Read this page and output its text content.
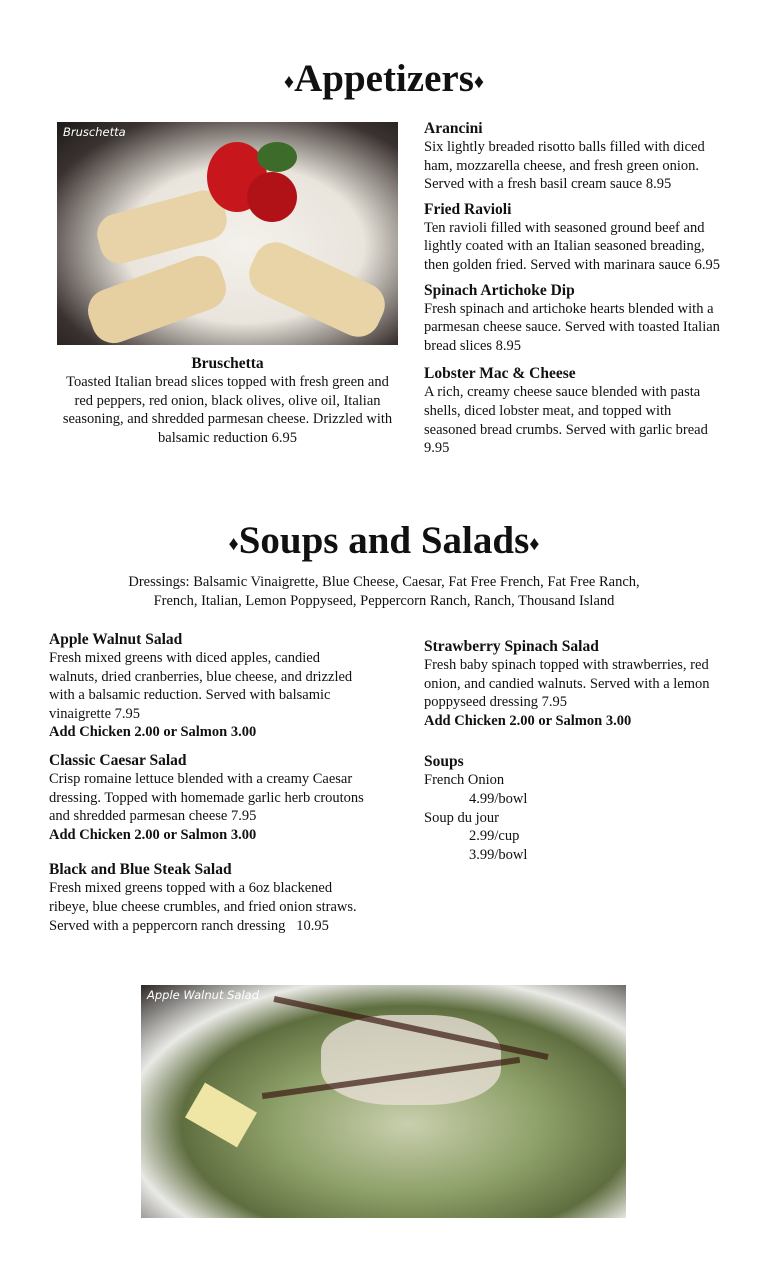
♦Appetizers♦
Bruschetta
Bruschetta
Toasted Italian bread slices topped with fresh green and red peppers, red onion, black olives, olive oil, Italian seasoning, and shredded parmesan cheese. Drizzled with balsamic reduction 6.95
Arancini
Six lightly breaded risotto balls filled with diced ham, mozzarella cheese, and fresh green onion. Served with a fresh basil cream sauce 8.95
Fried Ravioli
Ten ravioli filled with seasoned ground beef and lightly coated with an Italian seasoned breading, then golden fried. Served with marinara sauce 6.95
Spinach Artichoke Dip
Fresh spinach and artichoke hearts blended with a parmesan cheese sauce. Served with toasted Italian bread slices 8.95
Lobster Mac & Cheese
A rich, creamy cheese sauce blended with pasta shells, diced lobster meat, and topped with seasoned bread crumbs. Served with garlic bread 9.95
♦Soups and Salads♦
Dressings: Balsamic Vinaigrette, Blue Cheese, Caesar, Fat Free French, Fat Free Ranch,
French, Italian, Lemon Poppyseed, Peppercorn Ranch, Ranch, Thousand Island
Apple Walnut Salad
Fresh mixed greens with diced apples, candied walnuts, dried cranberries, blue cheese, and drizzled with a balsamic reduction. Served with balsamic vinaigrette 7.95
Add Chicken 2.00 or Salmon 3.00
Classic Caesar Salad
Crisp romaine lettuce blended with a creamy Caesar dressing. Topped with homemade garlic herb croutons and shredded parmesan cheese 7.95
Add Chicken 2.00 or Salmon 3.00
Black and Blue Steak Salad
Fresh mixed greens topped with a 6oz blackened ribeye, blue cheese crumbles, and fried onion straws. Served with a peppercorn ranch dressing   10.95
Strawberry Spinach Salad
Fresh baby spinach topped with strawberries, red onion, and candied walnuts. Served with a lemon poppyseed dressing 7.95
Add Chicken 2.00 or Salmon 3.00
Soups
French Onion
4.99/bowl
Soup du jour
2.99/cup
3.99/bowl
Apple Walnut Salad
